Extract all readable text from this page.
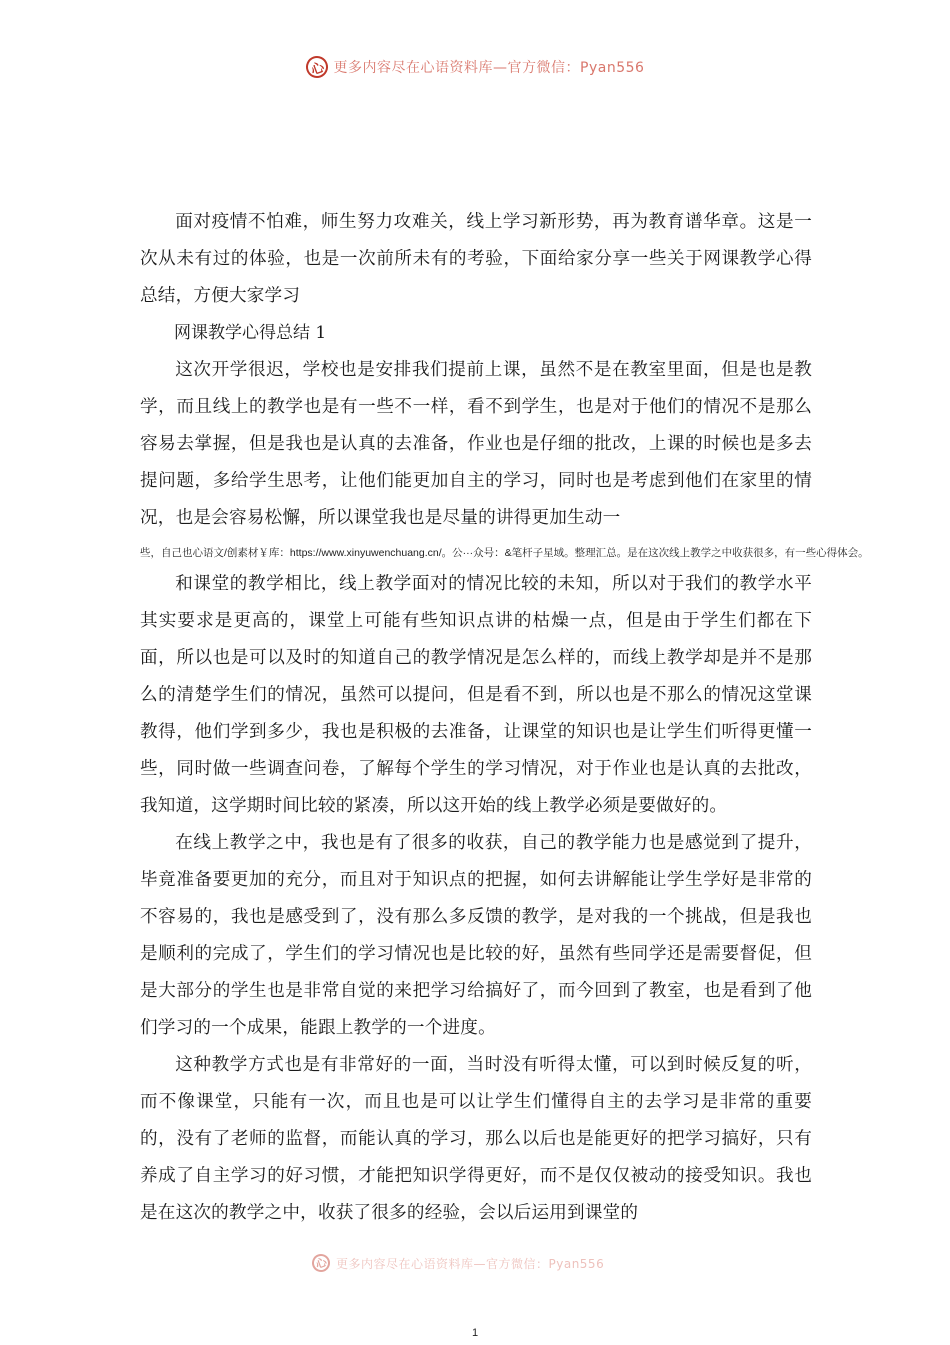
心 更多内容尽在心语资料库—官方微信：Pyan556

面对疫情不怕难，师生努力攻难关，线上学习新形势，再为教育谱华章。这是一次从未有过的体验，也是一次前所未有的考验，下面给家分享一些关于网课教学心得总结，方便大家学习

网课教学心得总结 1

这次开学很迟，学校也是安排我们提前上课，虽然不是在教室里面，但是也是教学，而且线上的教学也是有一些不一样，看不到学生，也是对于他们的情况不是那么容易去掌握，但是我也是认真的去准备，作业也是仔细的批改，上课的时候也是多去提问题，多给学生思考，让他们能更加自主的学习，同时也是考虑到他们在家里的情况，也是会容易松懈，所以课堂我也是尽量的讲得更加生动一

些，自己也心语文/创素材￥库：https://www.xinyuwenchuang.cn/。公···众号：&笔杆子星域。整理汇总。是在这次线上教学之中收获很多，有一些心得体会。

和课堂的教学相比，线上教学面对的情况比较的未知，所以对于我们的教学水平其实要求是更高的，课堂上可能有些知识点讲的枯燥一点，但是由于学生们都在下面，所以也是可以及时的知道自己的教学情况是怎么样的，而线上教学却是并不是那么的清楚学生们的情况，虽然可以提问，但是看不到，所以也是不那么的情况这堂课教得，他们学到多少，我也是积极的去准备，让课堂的知识也是让学生们听得更懂一些，同时做一些调查问卷，了解每个学生的学习情况，对于作业也是认真的去批改，我知道，这学期时间比较的紧凑，所以这开始的线上教学必须是要做好的。

在线上教学之中，我也是有了很多的收获，自己的教学能力也是感觉到了提升，毕竟准备要更加的充分，而且对于知识点的把握，如何去讲解能让学生学好是非常的不容易的，我也是感受到了，没有那么多反馈的教学，是对我的一个挑战，但是我也是顺利的完成了，学生们的学习情况也是比较的好，虽然有些同学还是需要督促，但是大部分的学生也是非常自觉的来把学习给搞好了，而今回到了教室，也是看到了他们学习的一个成果，能跟上教学的一个进度。

这种教学方式也是有非常好的一面，当时没有听得太懂，可以到时候反复的听，而不像课堂，只能有一次，而且也是可以让学生们懂得自主的去学习是非常的重要的，没有了老师的监督，而能认真的学习，那么以后也是能更好的把学习搞好，只有养成了自主学习的好习惯，才能把知识学得更好，而不是仅仅被动的接受知识。我也是在这次的教学之中，收获了很多的经验，会以后运用到课堂的

心 更多内容尽在心语资料库—官方微信：Pyan556
1
